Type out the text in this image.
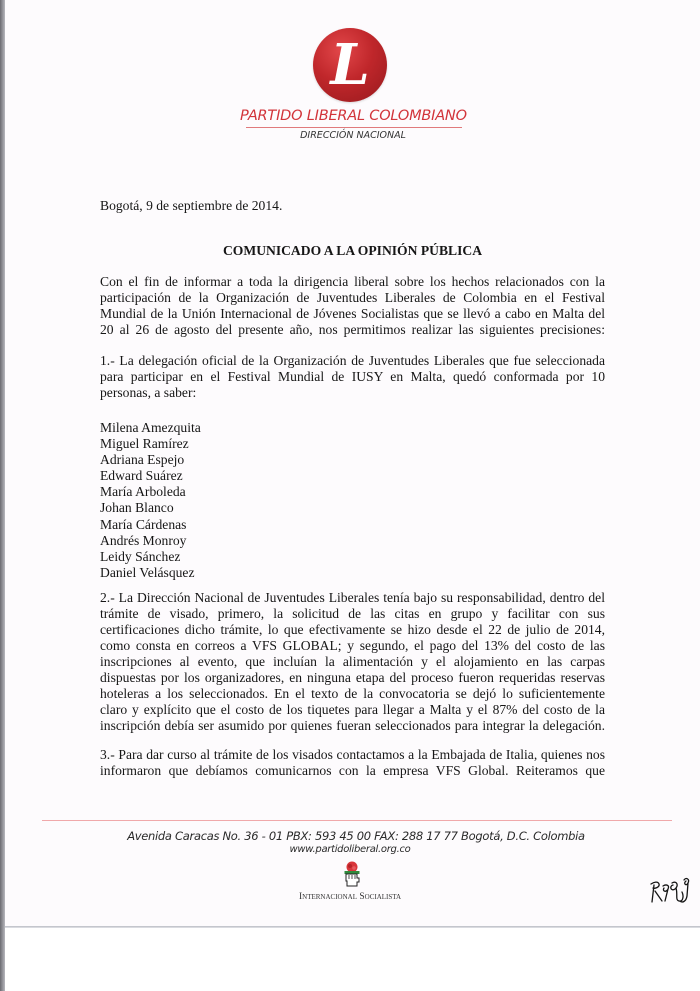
L
PARTIDO LIBERAL COLOMBIANO
DIRECCIÓN NACIONAL
Bogotá, 9 de septiembre de 2014.
COMUNICADO A LA OPINIÓN PÚBLICA
Con el fin de informar a toda la dirigencia liberal sobre los hechos relacionados con la
participación de la Organización de Juventudes Liberales de Colombia en el Festival
Mundial de la Unión Internacional de Jóvenes Socialistas que se llevó a cabo en Malta del
20 al 26 de agosto del presente año, nos permitimos realizar las siguientes precisiones:
1.- La delegación oficial de la Organización de Juventudes Liberales que fue seleccionada
para participar en el Festival Mundial de IUSY en Malta, quedó conformada por 10
personas, a saber:
Milena Amezquita
Miguel Ramírez
Adriana Espejo
Edward Suárez
María Arboleda
Johan Blanco
María Cárdenas
Andrés Monroy
Leidy Sánchez
Daniel Velásquez
2.- La Dirección Nacional de Juventudes Liberales tenía bajo su responsabilidad, dentro del
trámite de visado, primero, la solicitud de las citas en grupo y facilitar con sus
certificaciones dicho trámite, lo que efectivamente se hizo desde el 22 de julio de 2014,
como consta en correos a VFS GLOBAL; y segundo, el pago del 13% del costo de las
inscripciones al evento, que incluían la alimentación y el alojamiento en las carpas
dispuestas por los organizadores, en ninguna etapa del proceso fueron requeridas reservas
hoteleras a los seleccionados. En el texto de la convocatoria se dejó lo suficientemente
claro y explícito que el costo de los tiquetes para llegar a Malta y el 87% del costo de la
inscripción debía ser asumido por quienes fueran seleccionados para integrar la delegación.
3.- Para dar curso al trámite de los visados contactamos a la Embajada de Italia, quienes nos
informaron que debíamos comunicarnos con la empresa VFS Global. Reiteramos que
Avenida Caracas No. 36 - 01 PBX: 593 45 00 FAX: 288 17 77 Bogotá, D.C. Colombia
www.partidoliberal.org.co
Internacional Socialista
